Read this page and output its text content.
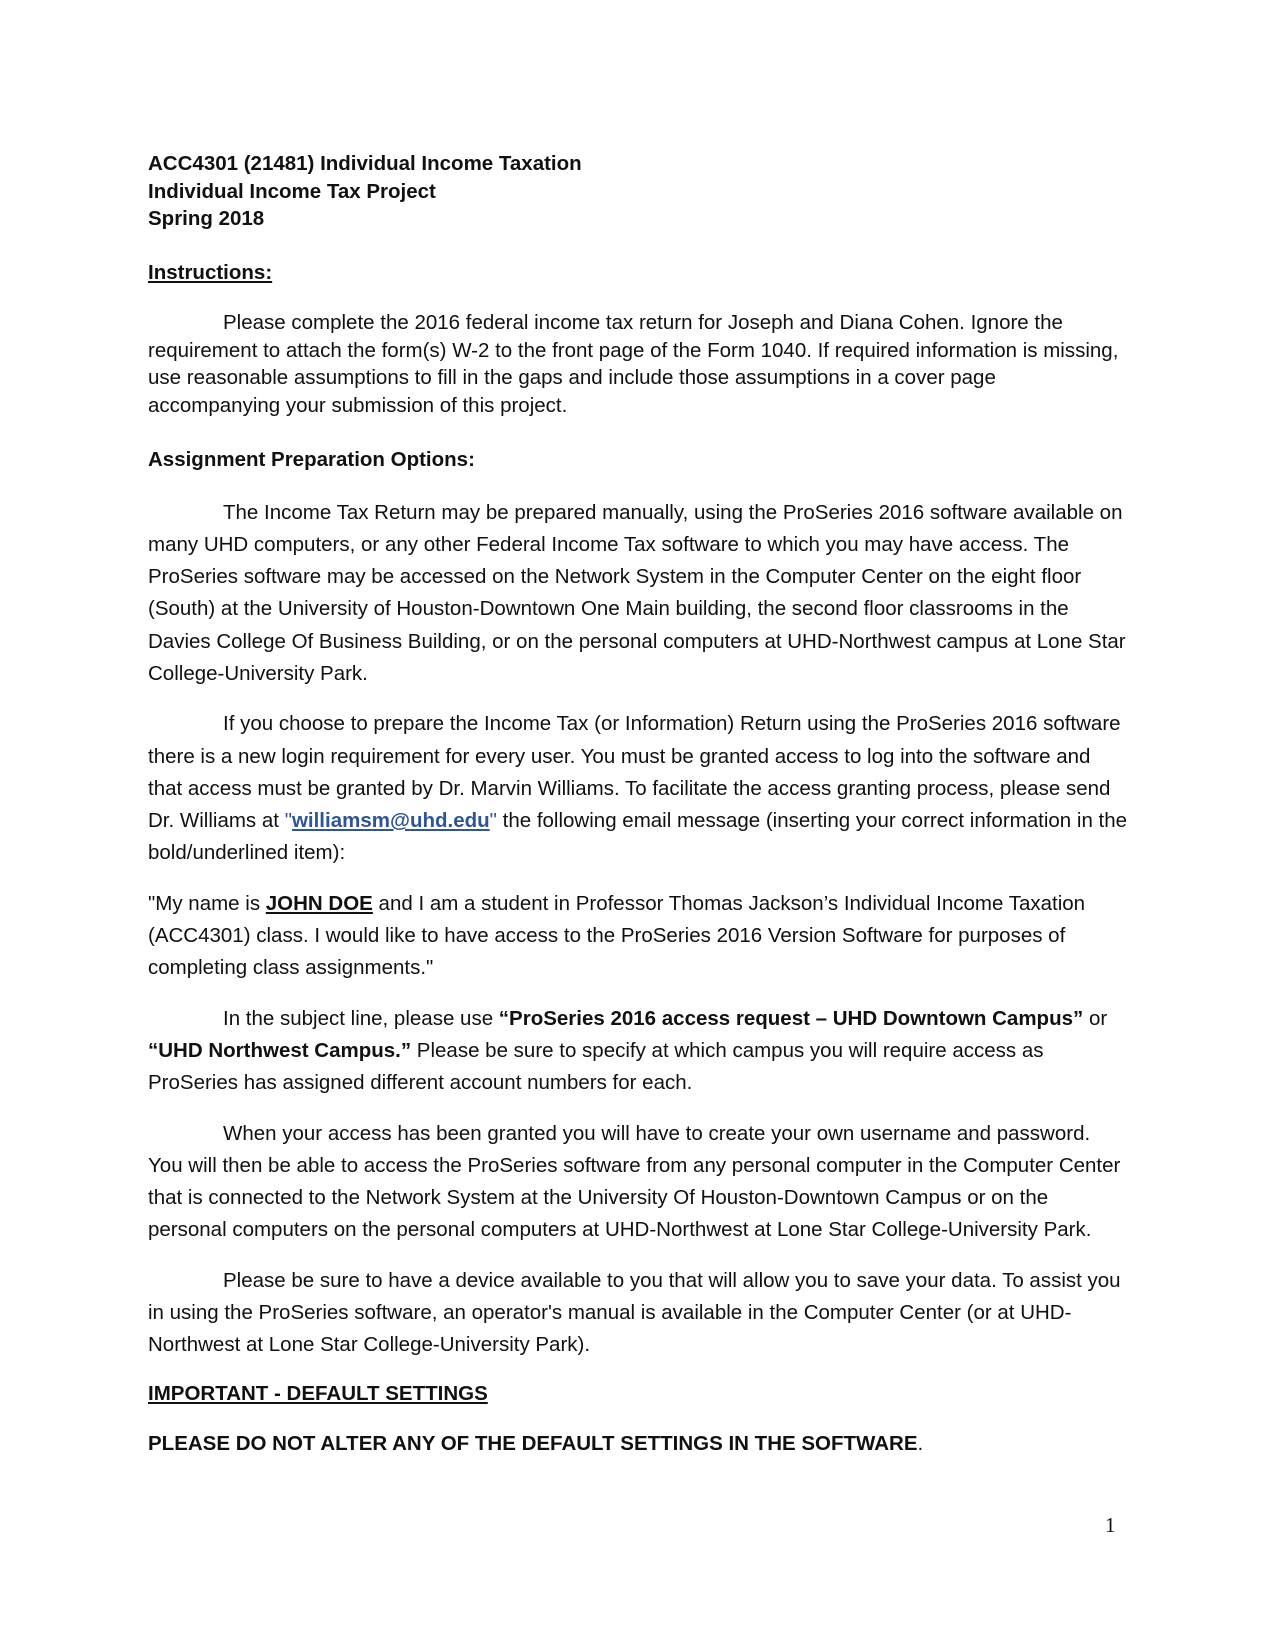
ACC4301 (21481) Individual Income Taxation

Individual Income Tax Project

Spring 2018

Instructions:

Please complete the 2016 federal income tax return for Joseph and Diana Cohen. Ignore the requirement to attach the form(s) W-2 to the front page of the Form 1040. If required information is missing, use reasonable assumptions to fill in the gaps and include those assumptions in a cover page accompanying your submission of this project.

Assignment Preparation Options:

The Income Tax Return may be prepared manually, using the ProSeries 2016 software available on many UHD computers, or any other Federal Income Tax software to which you may have access. The ProSeries software may be accessed on the Network System in the Computer Center on the eight floor (South) at the University of Houston-Downtown One Main building, the second floor classrooms in the Davies College Of Business Building, or on the personal computers at UHD-Northwest campus at Lone Star College-University Park.

If you choose to prepare the Income Tax (or Information) Return using the ProSeries 2016 software there is a new login requirement for every user. You must be granted access to log into the software and that access must be granted by Dr. Marvin Williams. To facilitate the access granting process, please send Dr. Williams at "williamsm@uhd.edu" the following email message (inserting your correct information in the bold/underlined item):

"My name is JOHN DOE and I am a student in Professor Thomas Jackson’s Individual Income Taxation (ACC4301) class. I would like to have access to the ProSeries 2016 Version Software for purposes of completing class assignments."

In the subject line, please use “ProSeries 2016 access request – UHD Downtown Campus” or “UHD Northwest Campus.” Please be sure to specify at which campus you will require access as ProSeries has assigned different account numbers for each.

When your access has been granted you will have to create your own username and password. You will then be able to access the ProSeries software from any personal computer in the Computer Center that is connected to the Network System at the University Of Houston-Downtown Campus or on the personal computers on the personal computers at UHD-Northwest at Lone Star College-University Park.

Please be sure to have a device available to you that will allow you to save your data. To assist you in using the ProSeries software, an operator's manual is available in the Computer Center (or at UHD-Northwest at Lone Star College-University Park).

IMPORTANT - DEFAULT SETTINGS

PLEASE DO NOT ALTER ANY OF THE DEFAULT SETTINGS IN THE SOFTWARE.

1
